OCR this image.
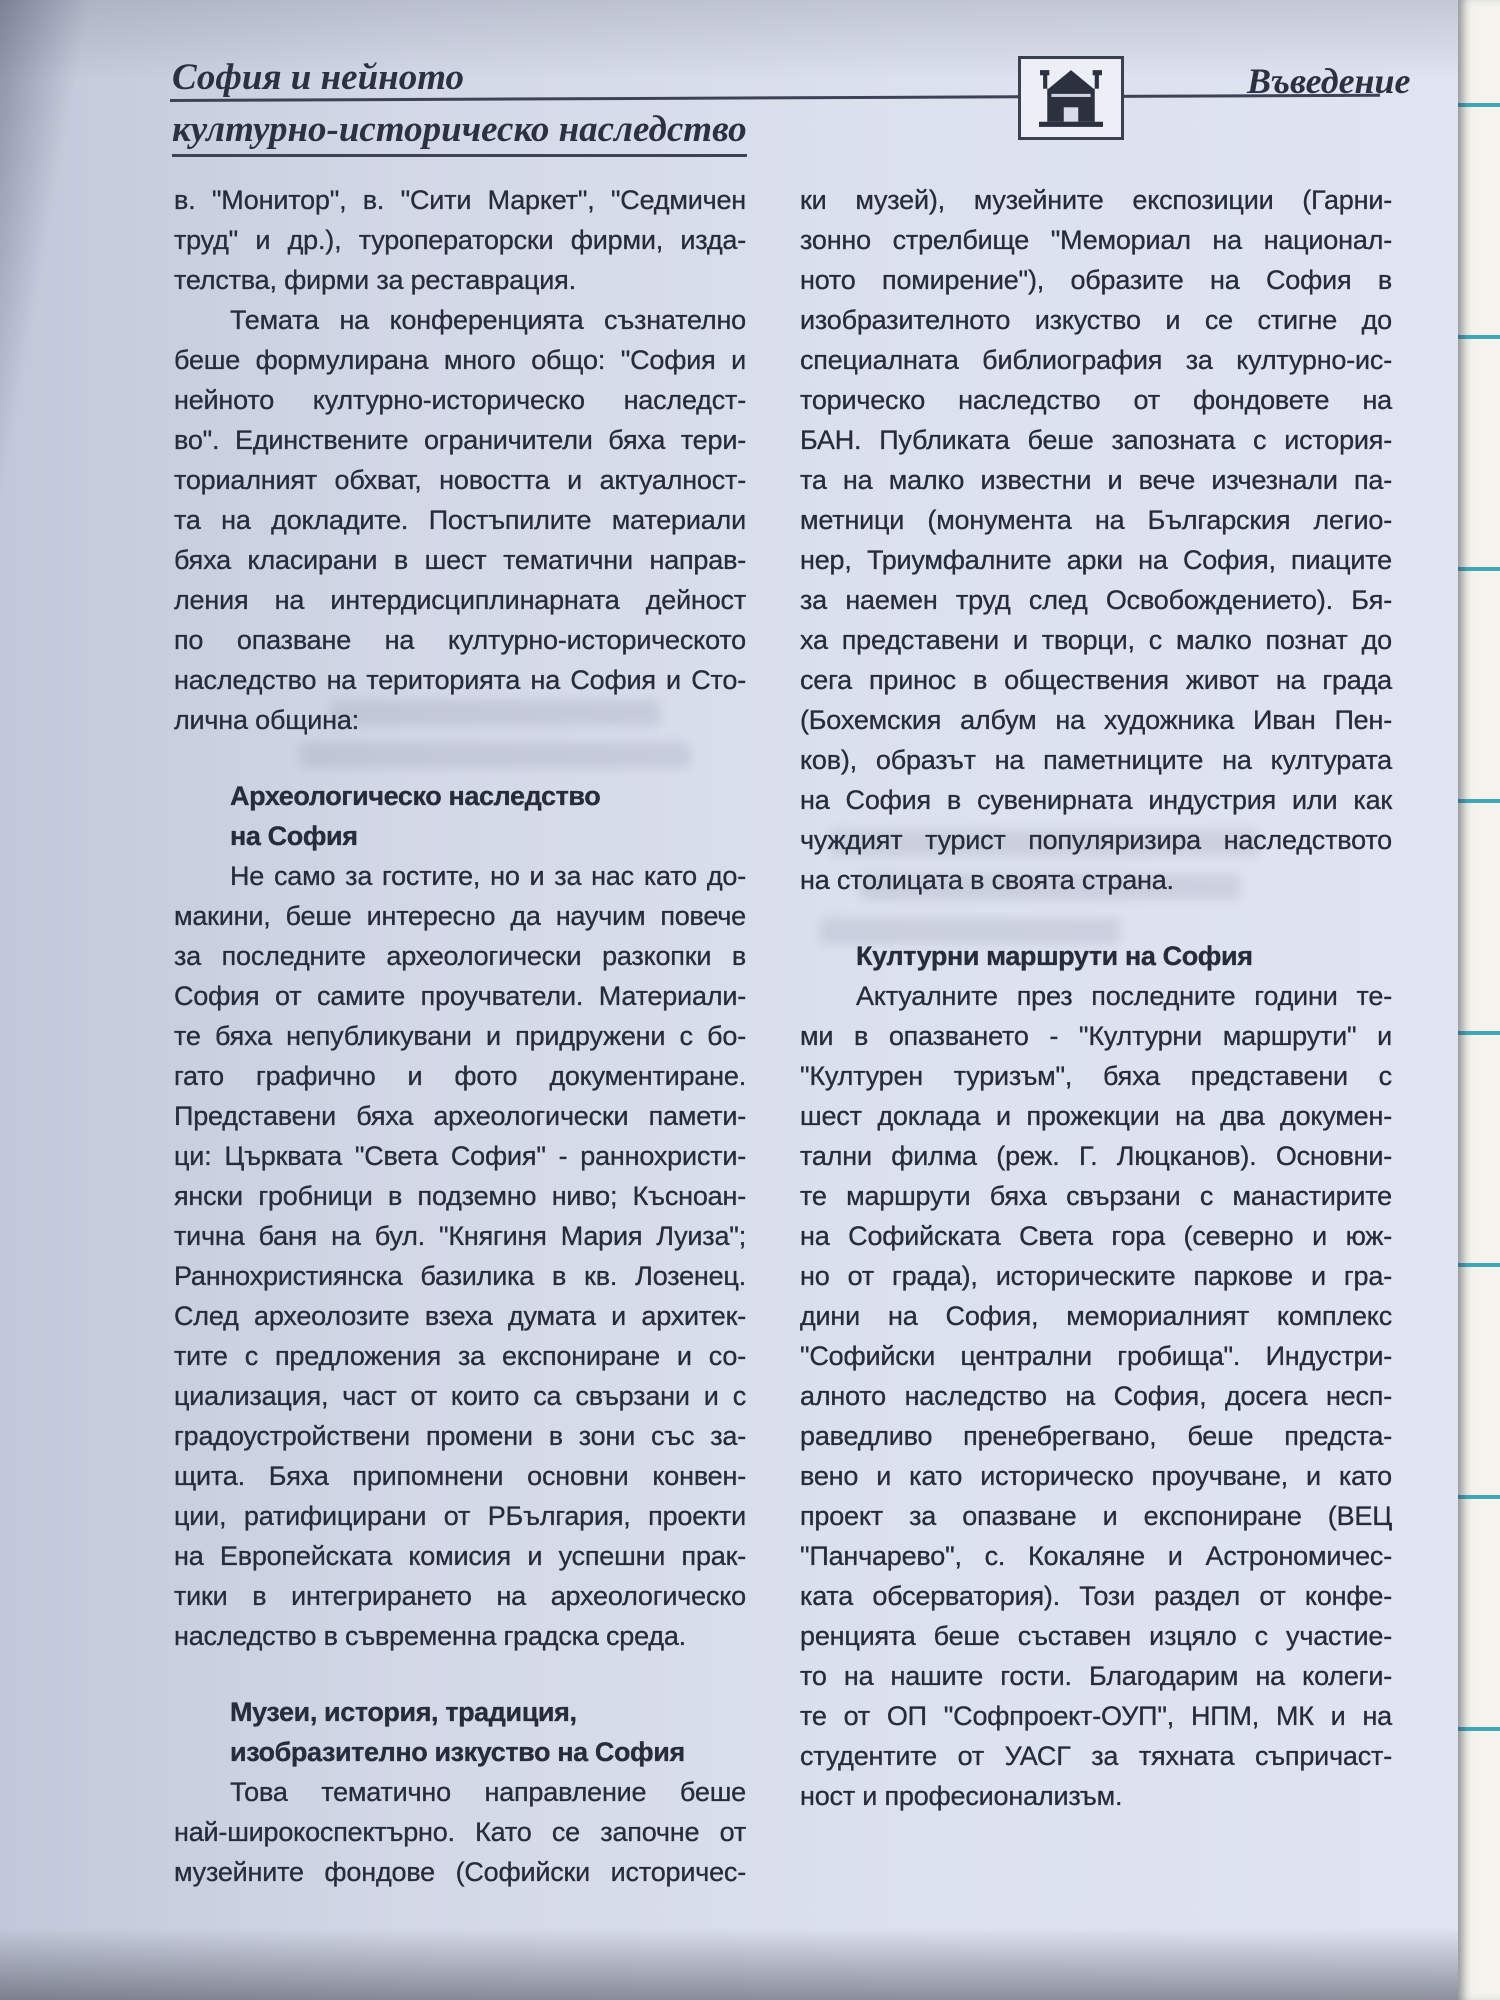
София и нейното
културно-историческо наследство
Въведение
в. "Монитор", в. "Сити Маркет", "Седмичен
труд" и др.), туроператорски фирми, изда-
телства, фирми за реставрация.
Темата на конференцията съзнателно
беше формулирана много общо: "София и
нейното културно-историческо наследст-
во". Единствените ограничители бяха тери-
ториалният обхват, новостта и актуалност-
та на докладите. Постъпилите материали
бяха класирани в шест тематични направ-
ления на интердисциплинарната дейност
по опазване на културно-историческото
наследство на територията на София и Сто-
лична община:
Археологическо наследство
на София
Не само за гостите, но и за нас като до-
макини, беше интересно да научим повече
за последните археологически разкопки в
София от самите проучватели. Материали-
те бяха непубликувани и придружени с бо-
гато графично и фото документиране.
Представени бяха археологически памети-
ци: Църквата "Света София" - раннохристи-
янски гробници в подземно ниво; Късноан-
тична баня на бул. "Княгиня Мария Луиза";
Раннохристиянска базилика в кв. Лозенец.
След археолозите взеха думата и архитек-
тите с предложения за експониране и со-
циализация, част от които са свързани и с
градоустройствени промени в зони със за-
щита. Бяха припомнени основни конвен-
ции, ратифицирани от РБългария, проекти
на Европейската комисия и успешни прак-
тики в интегрирането на археологическо
наследство в съвременна градска среда.
Музеи, история, традиция,
изобразително изкуство на София
Това тематично направление беше
най-широкоспектърно. Като се започне от
музейните фондове (Софийски историчес-
ки музей), музейните експозиции (Гарни-
зонно стрелбище "Мемориал на национал-
ното помирение"), образите на София в
изобразителното изкуство и се стигне до
специалната библиография за културно-ис-
торическо наследство от фондовете на
БАН. Публиката беше запозната с история-
та на малко известни и вече изчезнали па-
метници (монумента на Българския легио-
нер, Триумфалните арки на София, пиаците
за наемен труд след Освобождението). Бя-
ха представени и творци, с малко познат до
сега принос в обществения живот на града
(Бохемския албум на художника Иван Пен-
ков), образът на паметниците на културата
на София в сувенирната индустрия или как
чуждият турист популяризира наследството
на столицата в своята страна.
Културни маршрути на София
Актуалните през последните години те-
ми в опазването - "Културни маршрути" и
"Културен туризъм", бяха представени с
шест доклада и прожекции на два докумен-
тални филма (реж. Г. Люцканов). Основни-
те маршрути бяха свързани с манастирите
на Софийската Света гора (северно и юж-
но от града), историческите паркове и гра-
дини на София, мемориалният комплекс
"Софийски централни гробища". Индустри-
алното наследство на София, досега несп-
раведливо пренебрегвано, беше предста-
вено и като историческо проучване, и като
проект за опазване и експониране (ВЕЦ
"Панчарево", с. Кокаляне и Астрономичес-
ката обсерватория). Този раздел от конфе-
ренцията беше съставен изцяло с участие-
то на нашите гости. Благодарим на колеги-
те от ОП "Софпроект-ОУП", НПМ, МК и на
студентите от УАСГ за тяхната съпричаст-
ност и професионализъм.
